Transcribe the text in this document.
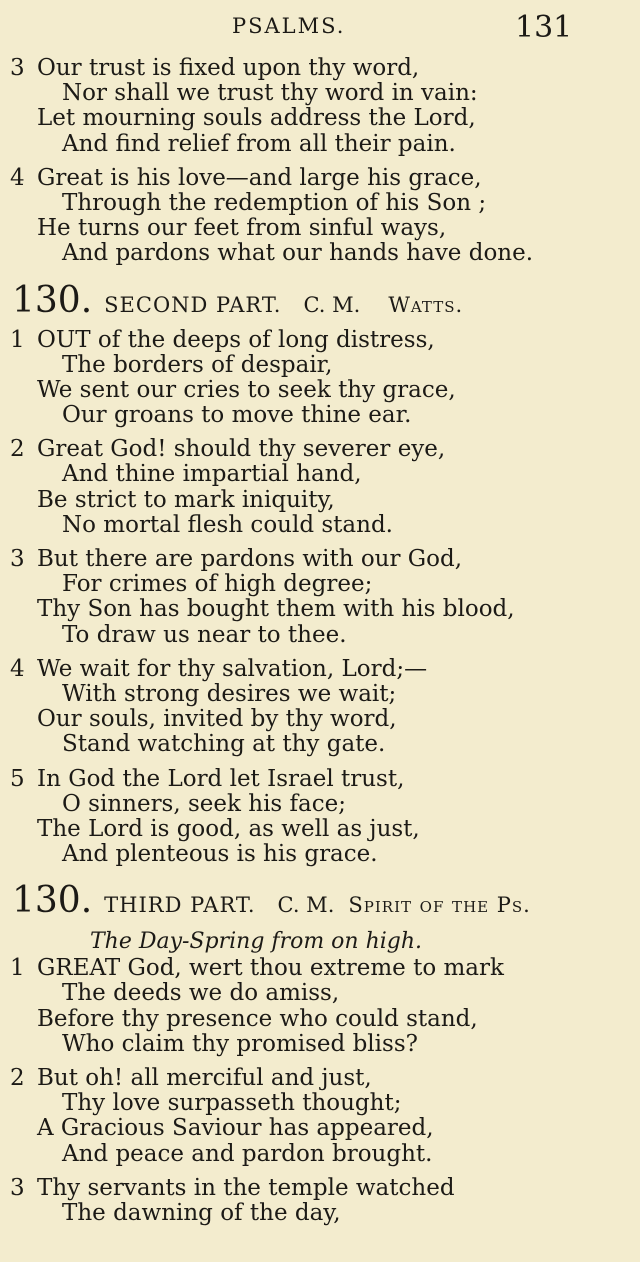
PSALMS.	131
3 Our trust is fixed upon thy word,
Nor shall we trust thy word in vain:
Let mourning souls address the Lord,
And find relief from all their pain.
4 Great is his love—and large his grace,
Through the redemption of his Son ;
He turns our feet from sinful ways,
And pardons what our hands have done.
130. SECOND PART. C. M. Watts.
1 OUT of the deeps of long distress,
The borders of despair,
We sent our cries to seek thy grace,
Our groans to move thine ear.
2 Great God! should thy severer eye,
And thine impartial hand,
Be strict to mark iniquity,
No mortal flesh could stand.
3 But there are pardons with our God,
For crimes of high degree;
Thy Son has bought them with his blood,
To draw us near to thee.
4 We wait for thy salvation, Lord;—
With strong desires we wait;
Our souls, invited by thy word,
Stand watching at thy gate.
5 In God the Lord let Israel trust,
O sinners, seek his face;
The Lord is good, as well as just,
And plenteous is his grace.
130. THIRD PART. C. M. Spirit of the Ps.
The Day-Spring from on high.
1 GREAT God, wert thou extreme to mark
The deeds we do amiss,
Before thy presence who could stand,
Who claim thy promised bliss?
2 But oh! all merciful and just,
Thy love surpasseth thought;
A Gracious Saviour has appeared,
And peace and pardon brought.
3 Thy servants in the temple watched
The dawning of the day,
